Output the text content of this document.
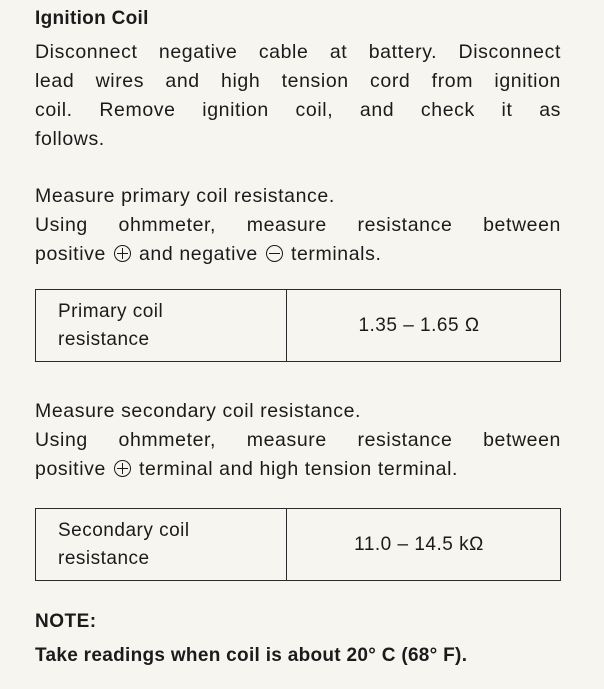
Ignition Coil
Disconnect negative cable at battery. Disconnect
lead wires and high tension cord from ignition
coil. Remove ignition coil, and check it as
follows.
Measure primary coil resistance.
Using ohmmeter, measure resistance between
positive and negative terminals.
Primary coil
resistance
	1.35 – 1.65 Ω
Measure secondary coil resistance.
Using ohmmeter, measure resistance between
positive terminal and high tension terminal.
Secondary coil
resistance
	11.0 – 14.5 kΩ
NOTE:
Take readings when coil is about 20° C (68° F).
